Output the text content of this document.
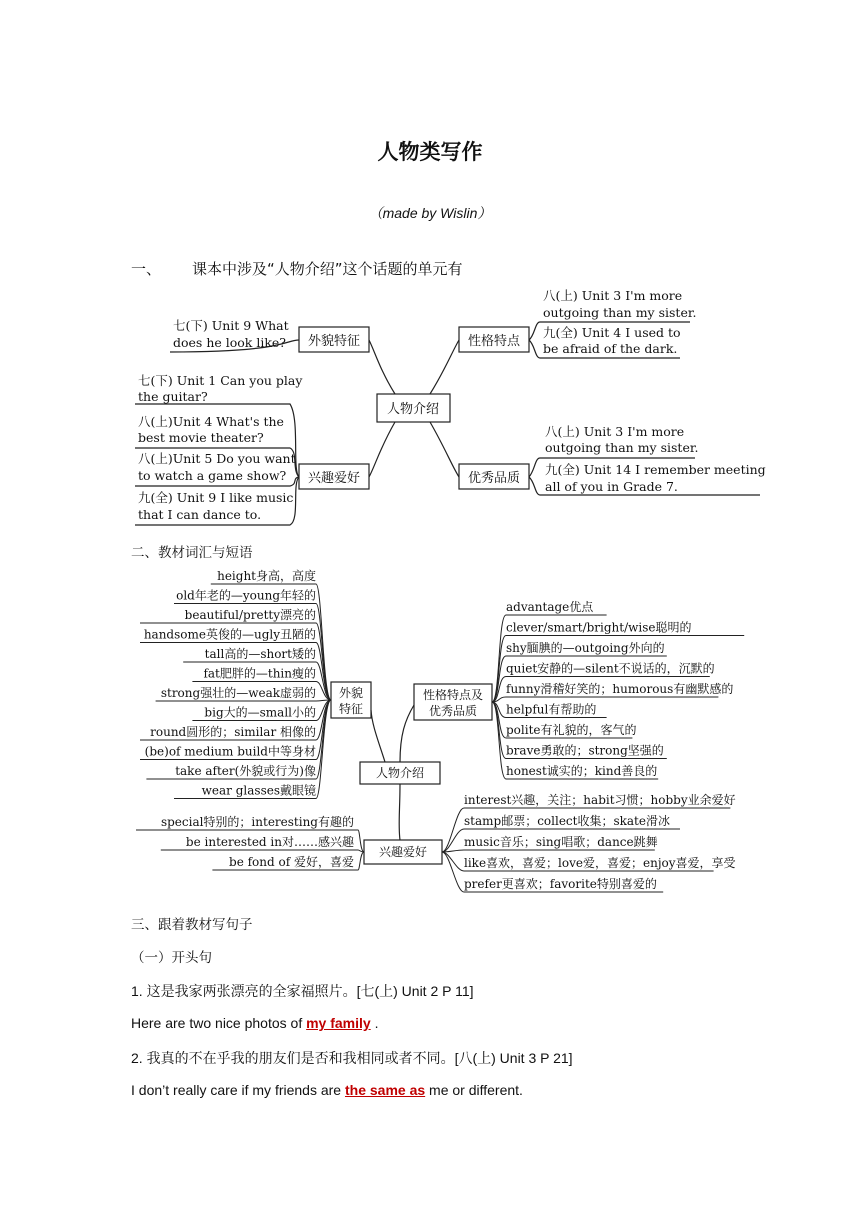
人物类写作
（made by Wislin）
一、 课本中涉及“人物介绍”这个话题的单元有
人物介绍
外貌特征	性格特点
兴趣爱好	优秀品质
七(下) Unit 9 What
does he look like?
八(上) Unit 3 I'm more
outgoing than my sister.
九(全) Unit 4 I used to
be afraid of the dark.
七(下) Unit 1 Can you play
the guitar?
八(上)Unit 4 What's the
best movie theater?
八(上)Unit 5 Do you want
to watch a game show?
九(全) Unit 9 I like music
that I can dance to.
八(上) Unit 3 I'm more
outgoing than my sister.
九(全) Unit 14 I remember meeting
all of you in Grade 7.
二、教材词汇与短语
人物介绍
外貌
特征
性格特点及
优秀品质
兴趣爱好
height身高，高度
old年老的—young年轻的
beautiful/pretty漂亮的
handsome英俊的—ugly丑陋的
tall高的—short矮的
fat肥胖的—thin瘦的
strong强壮的—weak虚弱的
big大的—small小的
round圆形的；similar 相像的
(be)of medium build中等身材
take after(外貌或行为)像
wear glasses戴眼镜
advantage优点
clever/smart/bright/wise聪明的
shy腼腆的—outgoing外向的
quiet安静的—silent不说话的，沉默的
funny滑稽好笑的；humorous有幽默感的
helpful有帮助的
polite有礼貌的，客气的
brave勇敢的；strong坚强的
honest诚实的；kind善良的
special特别的；interesting有趣的
be interested in对……感兴趣
be fond of 爱好，喜爱
interest兴趣，关注；habit习惯；hobby业余爱好
stamp邮票；collect收集；skate滑冰
music音乐；sing唱歌；dance跳舞
like喜欢，喜爱；love爱，喜爱；enjoy喜爱，享受
prefer更喜欢；favorite特别喜爱的
三、跟着教材写句子
（一）开头句
1. 这是我家两张漂亮的全家福照片。[七(上) Unit 2 P 11]
Here are two nice photos of my family .
2. 我真的不在乎我的朋友们是否和我相同或者不同。[八(上) Unit 3 P 21]
I don’t really care if my friends are the same as me or different.
